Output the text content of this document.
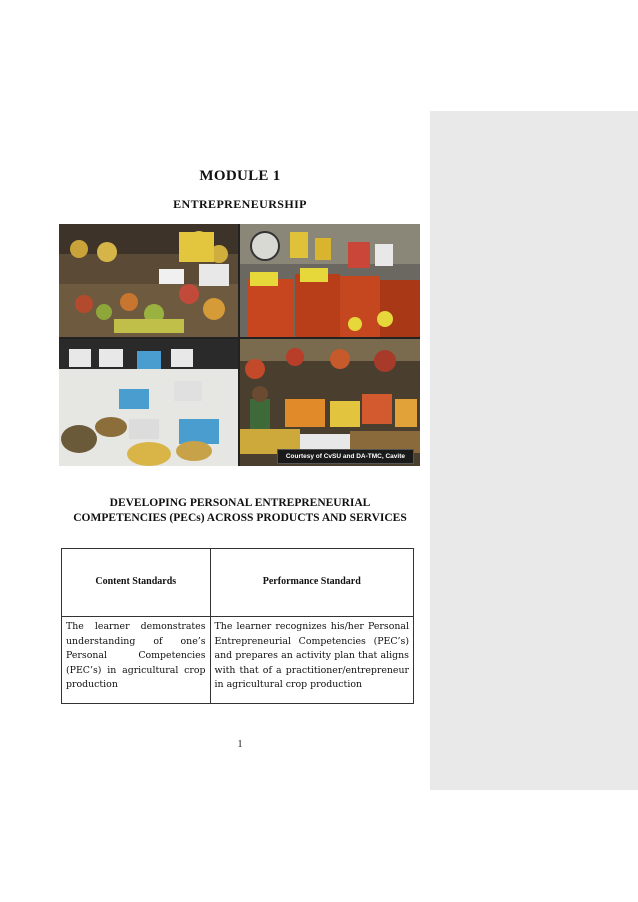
MODULE 1
ENTREPRENEURSHIP
Courtesy of CvSU and DA-TMC, Cavite
DEVELOPING PERSONAL ENTREPRENEURIAL
COMPETENCIES (PECs) ACROSS PRODUCTS AND SERVICES
Content Standards	Performance Standard
The learner demonstrates understanding of one’s Personal Competencies (PEC’s) in agricultural crop production	The learner recognizes his/her Personal Entrepreneurial Competencies (PEC’s) and prepares an activity plan that aligns with that of a practitioner/entrepreneur in agricultural crop production
1
